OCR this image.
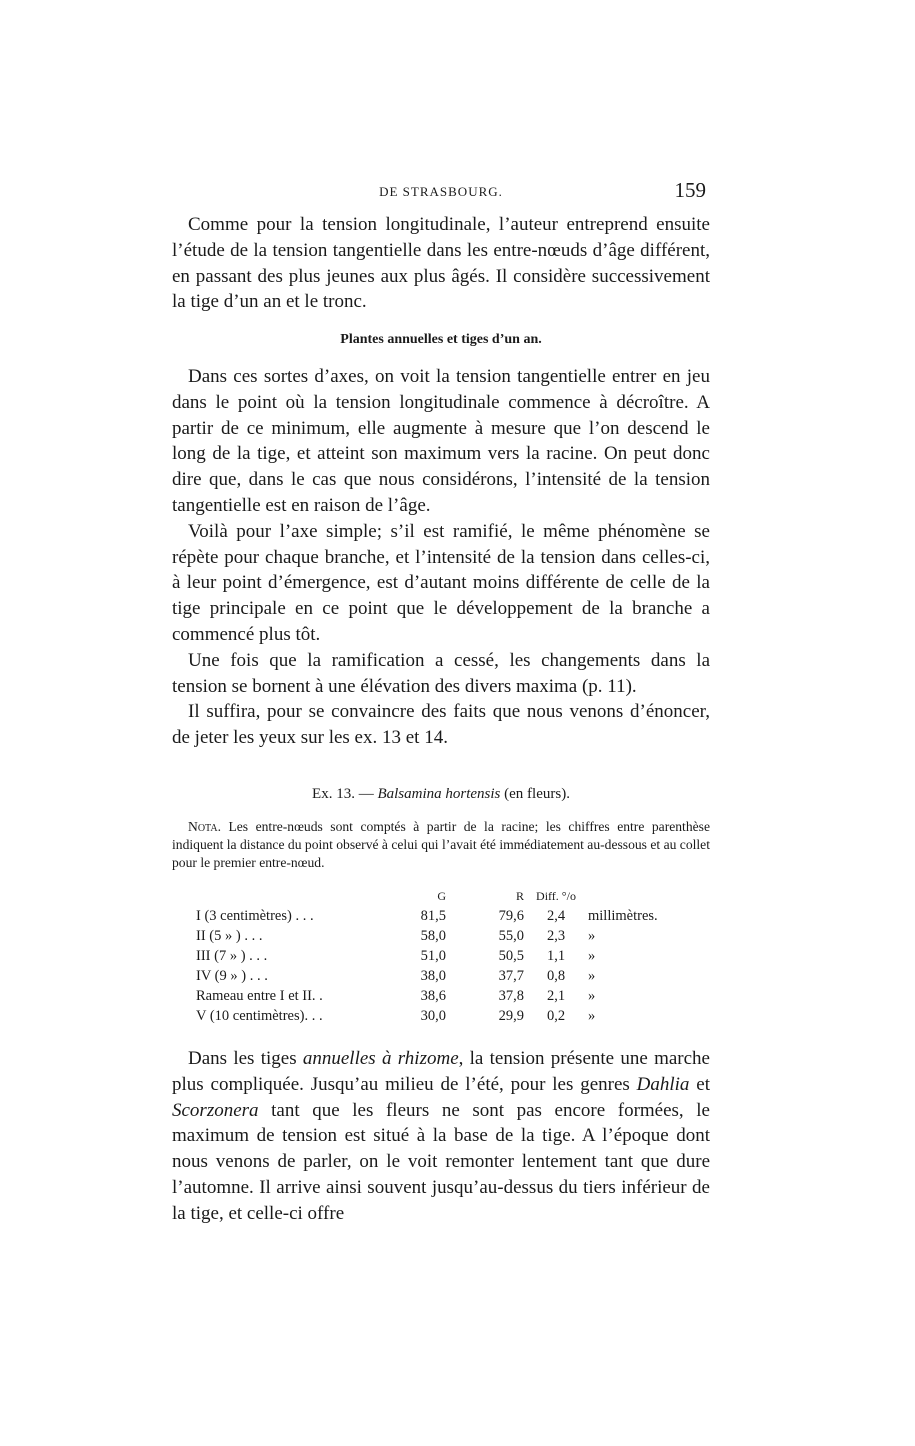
DE STRASBOURG.	159

Comme pour la tension longitudinale, l’auteur entreprend ensuite l’étude de la tension tangentielle dans les entre-nœuds d’âge différent, en passant des plus jeunes aux plus âgés. Il considère successivement la tige d’un an et le tronc.

Plantes annuelles et tiges d’un an.

Dans ces sortes d’axes, on voit la tension tangentielle entrer en jeu dans le point où la tension longitudinale commence à décroître. A partir de ce minimum, elle augmente à mesure que l’on descend le long de la tige, et atteint son maximum vers la racine. On peut donc dire que, dans le cas que nous considérons, l’intensité de la tension tangentielle est en raison de l’âge.

Voilà pour l’axe simple; s’il est ramifié, le même phénomène se répète pour chaque branche, et l’intensité de la tension dans celles-ci, à leur point d’émergence, est d’autant moins différente de celle de la tige principale en ce point que le développement de la branche a commencé plus tôt.

Une fois que la ramification a cessé, les changements dans la tension se bornent à une élévation des divers maxima (p. 11).

Il suffira, pour se convaincre des faits que nous venons d’énoncer, de jeter les yeux sur les ex. 13 et 14.

Ex. 13. — Balsamina hortensis (en fleurs).

Nota. Les entre-nœuds sont comptés à partir de la racine; les chiffres entre parenthèse indiquent la distance du point observé à celui qui l’avait été immédiatement au-dessous et au collet pour le premier entre-nœud.

	G	R	Diff. °/o	
I (3 centimètres) . . .	81,5	79,6	2,4	millimètres.
II (5 » ) . . .	58,0	55,0	2,3	»
III (7 » ) . . .	51,0	50,5	1,1	»
IV (9 » ) . . .	38,0	37,7	0,8	»
Rameau entre I et II. .	38,6	37,8	2,1	»
V (10 centimètres). . .	30,0	29,9	0,2	»

Dans les tiges annuelles à rhizome, la tension présente une marche plus compliquée. Jusqu’au milieu de l’été, pour les genres Dahlia et Scorzonera tant que les fleurs ne sont pas encore formées, le maximum de tension est situé à la base de la tige. A l’époque dont nous venons de parler, on le voit remonter lentement tant que dure l’automne. Il arrive ainsi souvent jusqu’au-dessus du tiers inférieur de la tige, et celle-ci offre
